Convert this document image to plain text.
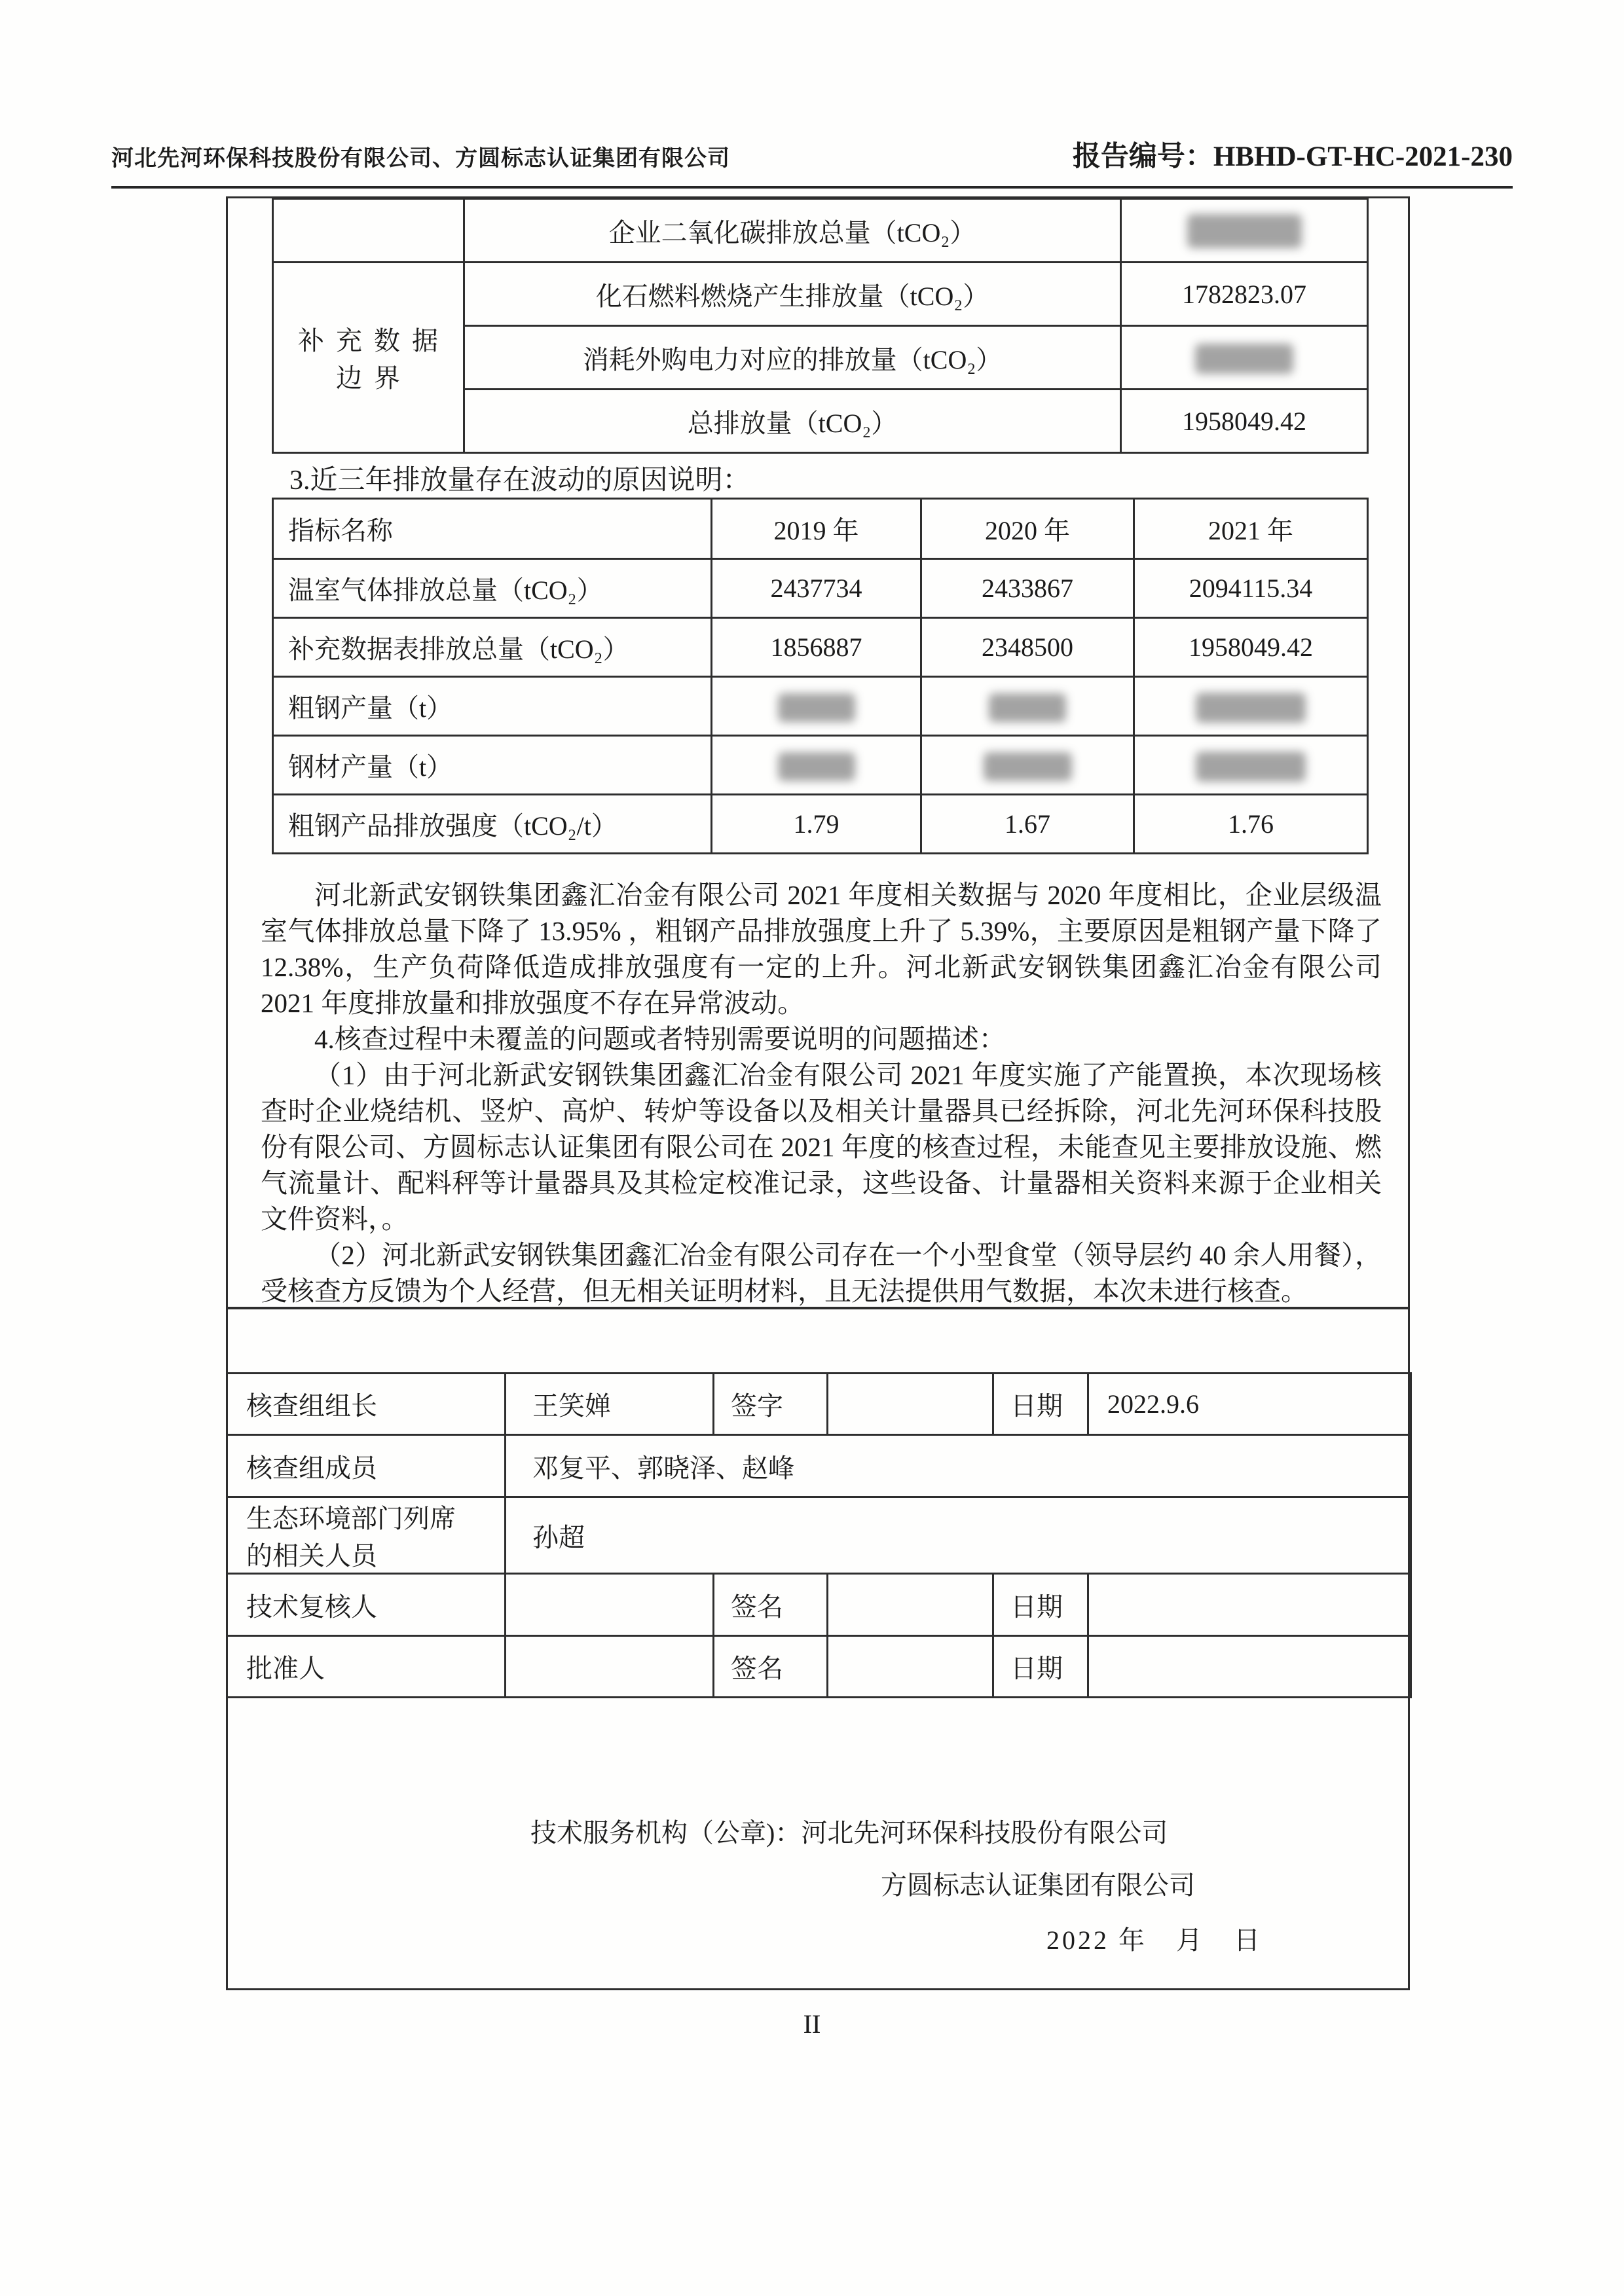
河北先河环保科技股份有限公司、方圆标志认证集团有限公司	报告编号：HBHD-GT-HC-2021-230
	企业二氧化碳排放总量（tCO₂）	
补充数据边界	化石燃料燃烧产生排放量（tCO₂）	1782823.07
	消耗外购电力对应的排放量（tCO₂）	
	总排放量（tCO₂）	1958049.42
3.近三年排放量存在波动的原因说明：
指标名称	2019 年	2020 年	2021 年
温室气体排放总量（tCO₂）	2437734	2433867	2094115.34
补充数据表排放总量（tCO₂）	1856887	2348500	1958049.42
粗钢产量（t）			
钢材产量（t）			
粗钢产品排放强度（tCO₂/t）	1.79	1.67	1.76

河北新武安钢铁集团鑫汇冶金有限公司 2021 年度相关数据与 2020 年度相比，企业层级温室气体排放总量下降了 13.95% ，粗钢产品排放强度上升了 5.39%，主要原因是粗钢产量下降了 12.38%，生产负荷降低造成排放强度有一定的上升。河北新武安钢铁集团鑫汇冶金有限公司 2021 年度排放量和排放强度不存在异常波动。

4.核查过程中未覆盖的问题或者特别需要说明的问题描述：

（1）由于河北新武安钢铁集团鑫汇冶金有限公司 2021 年度实施了产能置换，本次现场核查时企业烧结机、竖炉、高炉、转炉等设备以及相关计量器具已经拆除，河北先河环保科技股份有限公司、方圆标志认证集团有限公司在 2021 年度的核查过程，未能查见主要排放设施、燃气流量计、配料秤等计量器具及其检定校准记录，这些设备、计量器相关资料来源于企业相关文件资料，。

（2）河北新武安钢铁集团鑫汇冶金有限公司存在一个小型食堂（领导层约 40 余人用餐），受核查方反馈为个人经营，但无相关证明材料，且无法提供用气数据，本次未进行核查。

核查组组长	王笑婵	签字		日期	2022.9.6
核查组成员	邓复平、郭晓泽、赵峰				
生态环境部门列席的相关人员	孙超				
技术复核人		签名		日期	
批准人		签名		日期	
技术服务机构（公章)：河北先河环保科技股份有限公司
方圆标志认证集团有限公司
2022 年　月　日
II
